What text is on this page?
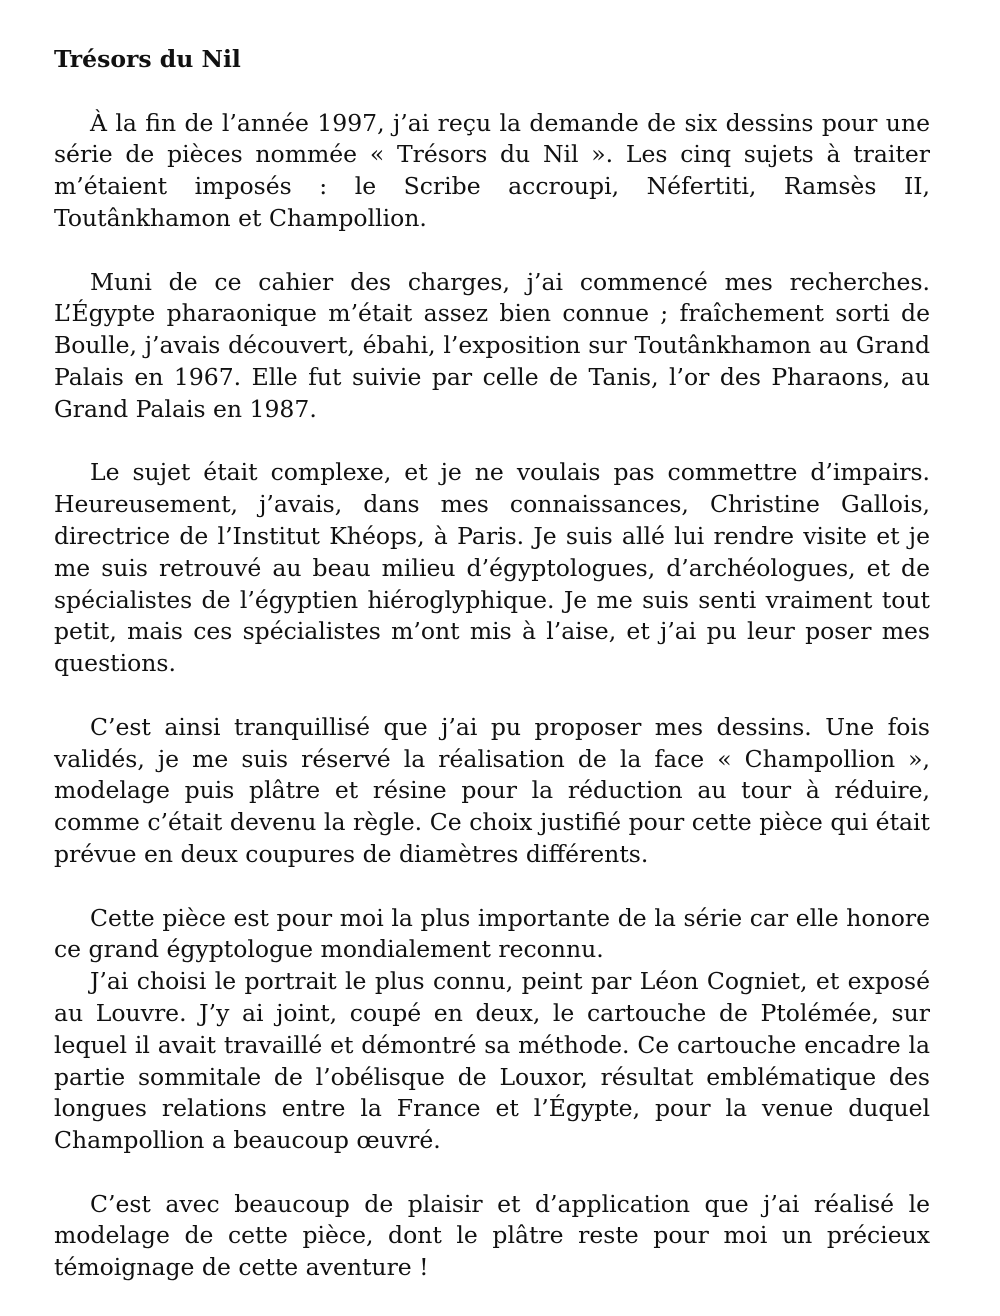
Trésors du Nil

À la fin de l’année 1997, j’ai reçu la demande de six dessins pour une série de pièces nommée « Trésors du Nil ». Les cinq sujets à traiter m’étaient imposés : le Scribe accroupi, Néfertiti, Ramsès II, Toutânkhamon et Champollion.

Muni de ce cahier des charges, j’ai commencé mes recherches. L’Égypte pharaonique m’était assez bien connue ; fraîchement sorti de Boulle, j’avais découvert, ébahi, l’exposition sur Toutânkhamon au Grand Palais en 1967. Elle fut suivie par celle de Tanis, l’or des Pharaons, au Grand Palais en 1987.

Le sujet était complexe, et je ne voulais pas commettre d’impairs. Heureusement, j’avais, dans mes connaissances, Christine Gallois, directrice de l’Institut Khéops, à Paris. Je suis allé lui rendre visite et je me suis retrouvé au beau milieu d’égyptologues, d’archéologues, et de spécialistes de l’égyptien hiéroglyphique. Je me suis senti vraiment tout petit, mais ces spécialistes m’ont mis à l’aise, et j’ai pu leur poser mes questions.

C’est ainsi tranquillisé que j’ai pu proposer mes dessins. Une fois validés, je me suis réservé la réalisation de la face « Champollion », modelage puis plâtre et résine pour la réduction au tour à réduire, comme c’était devenu la règle. Ce choix justifié pour cette pièce qui était prévue en deux coupures de diamètres différents.

Cette pièce est pour moi la plus importante de la série car elle honore ce grand égyptologue mondialement reconnu.

J’ai choisi le portrait le plus connu, peint par Léon Cogniet, et exposé au Louvre. J’y ai joint, coupé en deux, le cartouche de Ptolémée, sur lequel il avait travaillé et démontré sa méthode. Ce cartouche encadre la partie sommitale de l’obélisque de Louxor, résultat emblématique des longues relations entre la France et l’Égypte, pour la venue duquel Champollion a beaucoup œuvré.

C’est avec beaucoup de plaisir et d’application que j’ai réalisé le modelage de cette pièce, dont le plâtre reste pour moi un précieux témoignage de cette aventure !
